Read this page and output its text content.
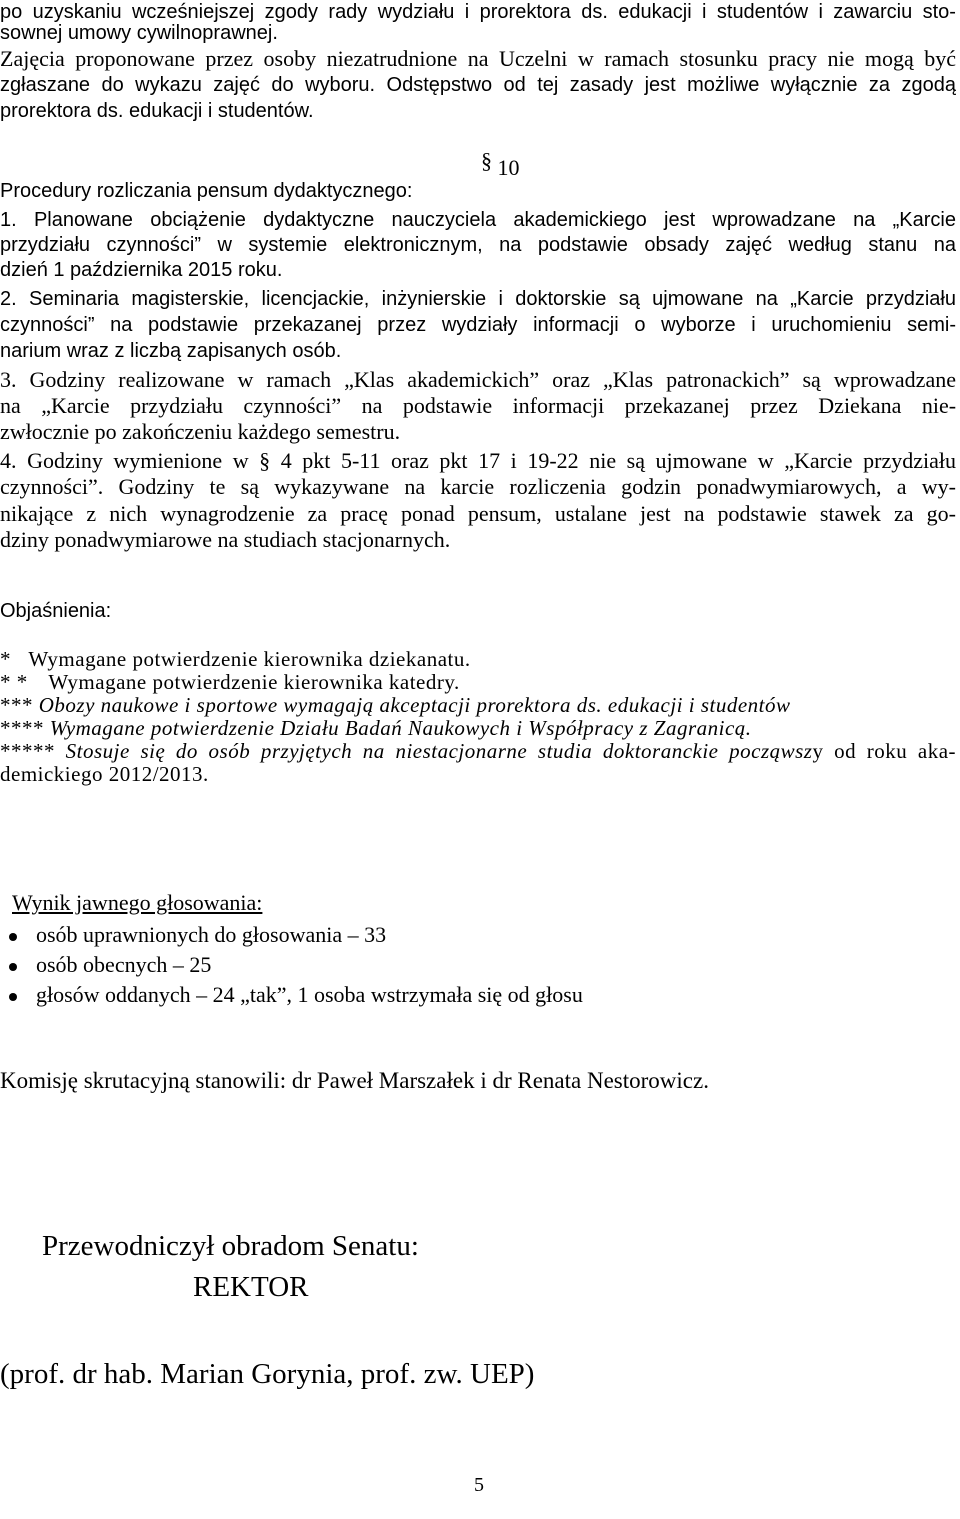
po uzyskaniu wcześniejszej zgody rady wydziału i prorektora ds. edukacji i studentów i zawarciu sto-
sownej umowy cywilnoprawnej.
Zajęcia proponowane przez osoby niezatrudnione na Uczelni w ramach stosunku pracy nie mogą być
zgłaszane do wykazu zajęć do wyboru. Odstępstwo od tej zasady jest możliwe wyłącznie za zgodą
prorektora ds. edukacji i studentów.
§ 10
Procedury rozliczania pensum dydaktycznego:
1. Planowane obciążenie dydaktyczne nauczyciela akademickiego jest wprowadzane na „Karcie
przydziału czynności” w systemie elektronicznym, na podstawie obsady zajęć według stanu na
dzień 1 października 2015 roku.
2. Seminaria magisterskie, licencjackie, inżynierskie i doktorskie są ujmowane na „Karcie przydziału
czynności” na podstawie przekazanej przez wydziały informacji o wyborze i uruchomieniu semi-
narium wraz z liczbą zapisanych osób.
3. Godziny realizowane w ramach „Klas akademickich” oraz „Klas patronackich” są wprowadzane
na „Karcie przydziału czynności” na podstawie informacji przekazanej przez Dziekana nie-
zwłocznie po zakończeniu każdego semestru.
4. Godziny wymienione w § 4 pkt 5-11 oraz pkt 17 i 19-22 nie są ujmowane w „Karcie przydziału
czynności”. Godziny te są wykazywane na karcie rozliczenia godzin ponadwymiarowych, a wy-
nikające z nich wynagrodzenie za pracę ponad pensum, ustalane jest na podstawie stawek za go-
dziny ponadwymiarowe na studiach stacjonarnych.
Objaśnienia:
* Wymagane potwierdzenie kierownika dziekanatu.
* * Wymagane potwierdzenie kierownika katedry.
*** Obozy naukowe i sportowe wymagają akceptacji prorektora ds. edukacji i studentów
**** Wymagane potwierdzenie Działu Badań Naukowych i Współpracy z Zagranicą.
***** Stosuje się do osób przyjętych na niestacjonarne studia doktoranckie począwszy od roku aka-
demickiego 2012/2013.
Wynik jawnego głosowania:
osób uprawnionych do głosowania – 33
osób obecnych – 25
głosów oddanych – 24 „tak”, 1 osoba wstrzymała się od głosu
Komisję skrutacyjną stanowili: dr Paweł Marszałek i dr Renata Nestorowicz.
Przewodniczył obradom Senatu:
REKTOR
(prof. dr hab. Marian Gorynia, prof. zw. UEP)
5
